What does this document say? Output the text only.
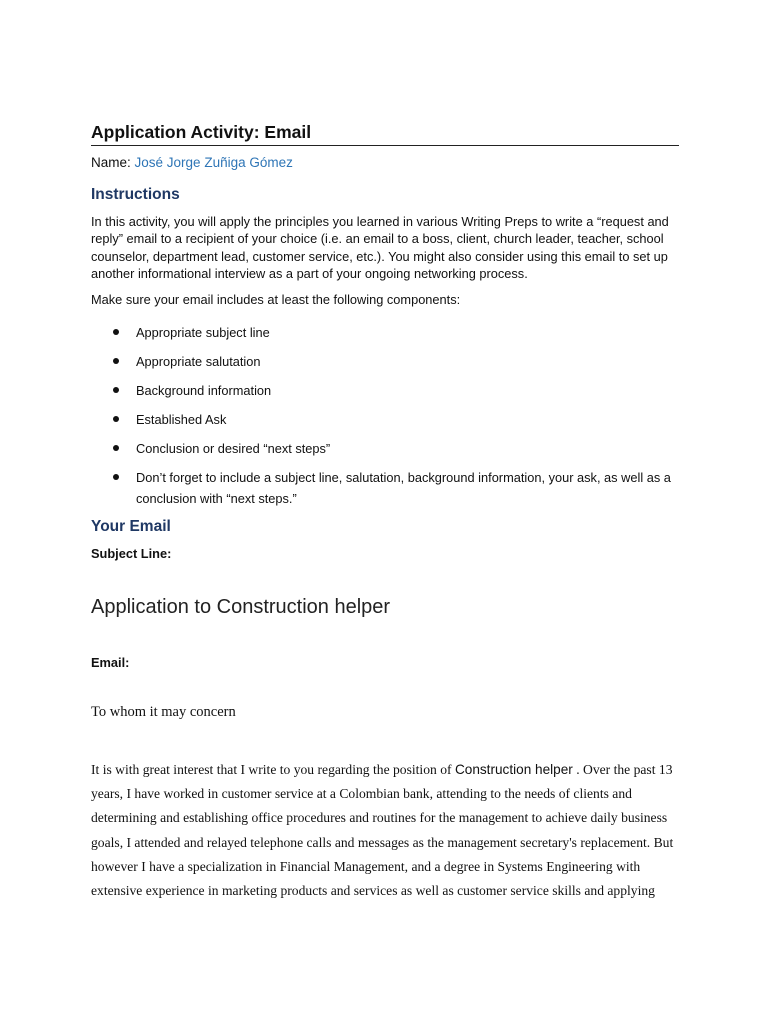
Application Activity: Email
Name: José Jorge Zuñiga Gómez
Instructions
In this activity, you will apply the principles you learned in various Writing Preps to write a “request and reply” email to a recipient of your choice (i.e. an email to a boss, client, church leader, teacher, school counselor, department lead, customer service, etc.). You might also consider using this email to set up another informational interview as a part of your ongoing networking process.
Make sure your email includes at least the following components:
Appropriate subject line
Appropriate salutation
Background information
Established Ask
Conclusion or desired “next steps”
Don’t forget to include a subject line, salutation, background information, your ask, as well as a conclusion with “next steps.”
Your Email
Subject Line:
Application to Construction helper
Email:
To whom it may concern
It is with great interest that I write to you regarding the position of Construction helper . Over the past 13 years, I have worked in customer service at a Colombian bank, attending to the needs of clients and determining and establishing office procedures and routines for the management to achieve daily business goals, I attended and relayed telephone calls and messages as the management secretary's replacement. But however I have a specialization in Financial Management, and a degree in Systems Engineering with extensive experience in marketing products and services as well as customer service skills and applying
